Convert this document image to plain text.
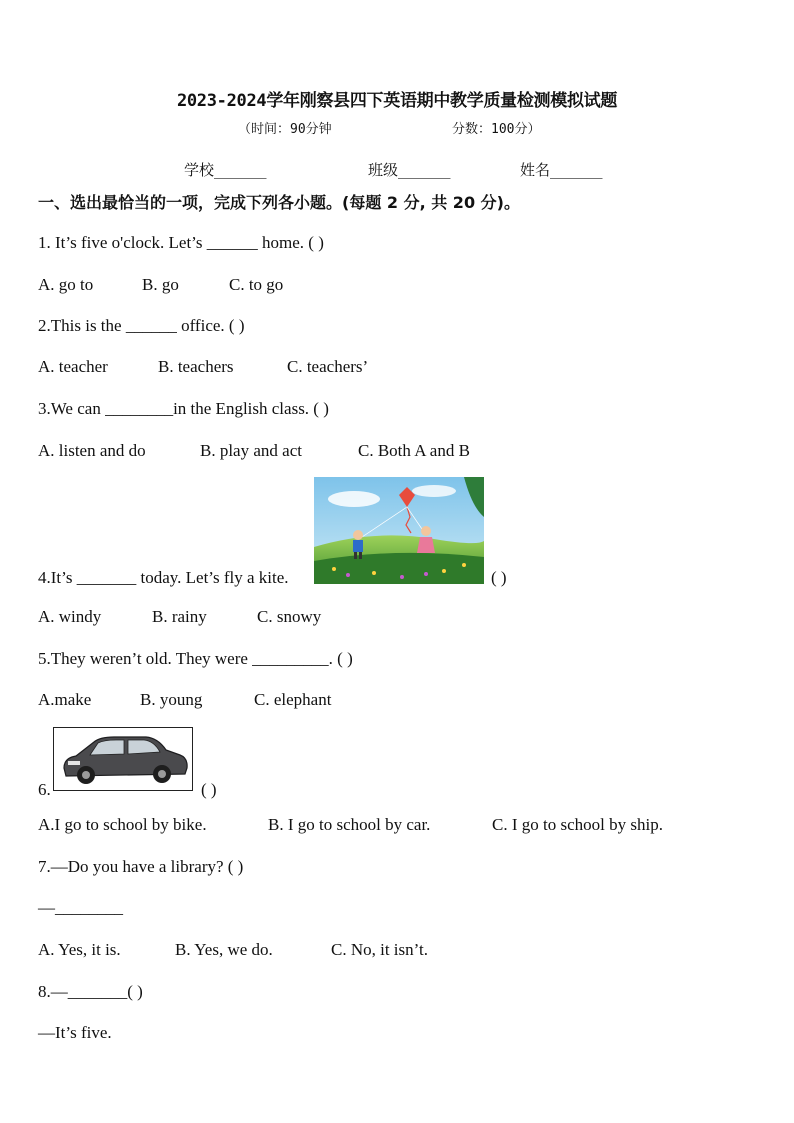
2023-2024学年刚察县四下英语期中教学质量检测模拟试题
（时间：90分钟	分数：100分）
学校_______	班级_______	姓名_______
一、选出最恰当的一项，完成下列各小题。(每题 2 分, 共 20 分)。
1. It’s five o'clock. Let’s ______ home. ( )
A. go to	B. go	C. to go
2.This is the ______ office. ( )
A. teacher	B. teachers	C. teachers’
3.We can ________in the English class. ( )
A. listen and do	B. play and act	C. Both A and B
4.It’s _______ today. Let’s fly a kite.	( )
A. windy	B. rainy	C. snowy
5.They weren’t old. They were _________. ( )
A.make	B. young	C. elephant
6.	( )
A.I go to school by bike.	B. I go to school by car.	C. I go to school by ship.
7.—Do you have a library? ( )
—________
A. Yes, it is.	B. Yes, we do.	C. No, it isn’t.
8.—_______( )
—It’s five.
